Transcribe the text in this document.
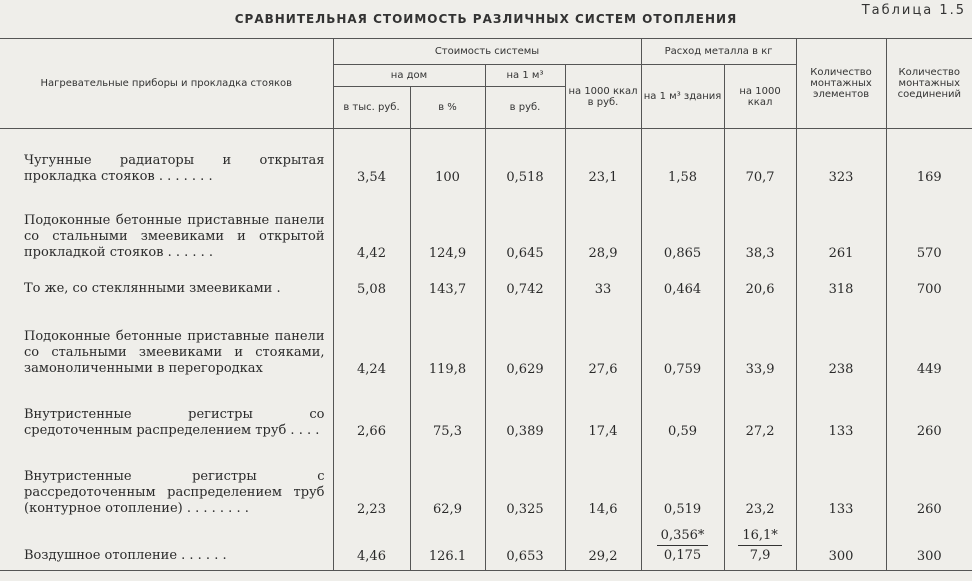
СРАВНИТЕЛЬНАЯ СТОИМОСТЬ РАЗЛИЧНЫХ СИСТЕМ ОТОПЛЕНИЯ
Таблица 1.5
Нагревательные приборы и прокладка стояков	Стоимость системы				Расход металла в кг		Количество монтажных элементов	Количество монтажных соединений
	на дом		на 1 м³	на 1000 ккал в руб.	на 1 м³ здания	на 1000 ккал		
	в тыс. руб.	в %	в руб.					
Чугунные радиаторы и открытая прокладка стояков . . . . . . .	3,54	100	0,518	23,1	1,58	70,7	323	169
Подоконные бетонные приставные панели со стальными змеевиками и открытой прокладкой стояков . . . . . .	4,42	124,9	0,645	28,9	0,865	38,3	261	570
То же, со стеклянными змеевиками .	5,08	143,7	0,742	33	0,464	20,6	318	700
Подоконные бетонные приставные панели со стальными змеевиками и стояками, замоноличенными в перегородках	4,24	119,8	0,629	27,6	0,759	33,9	238	449
Внутристенные регистры со средоточенным распределением труб . . . .	2,66	75,3	0,389	17,4	0,59	27,2	133	260
Внутристенные регистры с рассредоточенным распределением труб (контурное отопление) . . . . . . . .	2,23	62,9	0,325	14,6	0,519	23,2	133	260
Воздушное отопление . . . . . .	4,46	126.1	0,653	29,2	$\frac{0,356*}{0,175}$	$\frac{16,1*}{7,9}$	300	300
